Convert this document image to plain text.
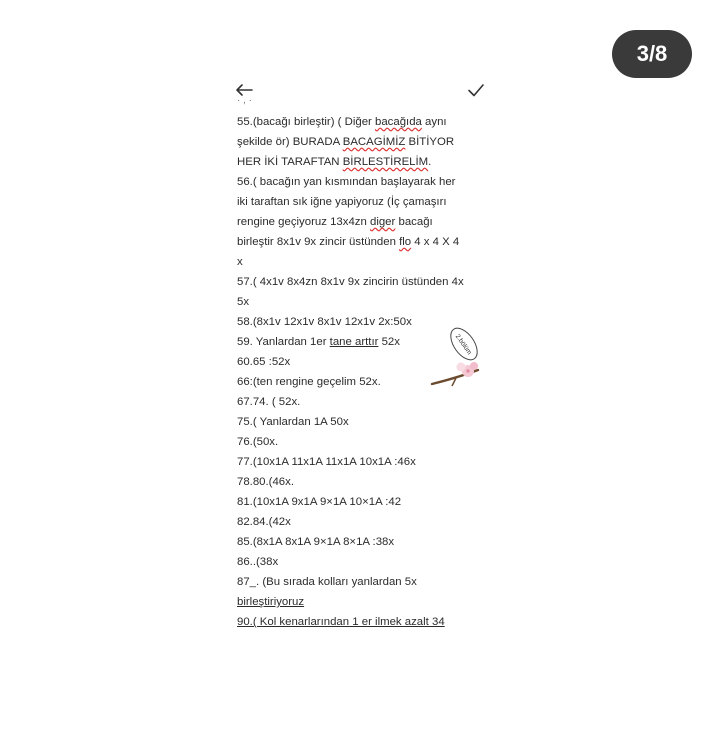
3/8
· , ·
55.(bacağı birleştir) ( Diğer bacağıda aynı
şekilde ör) BURADA BACAGİMİZ BİTİYOR
HER İKİ TARAFTAN BİRLESTİRELİM.
56.( bacağın yan kısmından başlayarak her
iki taraftan sık iğne yapiyoruz (İç çamaşırı
rengine geçiyoruz 13x4zn diger bacağı
birleştir 8x1v 9x zincir üstünden flo 4 x 4 X 4
x
57.( 4x1v 8x4zn 8x1v 9x zincirin üstünden 4x
5x
58.(8x1v 12x1v 8x1v 12x1v 2x:50x
59. Yanlardan 1er tane arttır 52x
60.65 :52x
66:(ten rengine geçelim 52x.
67.74. ( 52x.
75.( Yanlardan 1A 50x
76.(50x.
77.(10x1A 11x1A 11x1A 10x1A :46x
78.80.(46x.
81.(10x1A 9x1A 9×1A 10×1A :42
82.84.(42x
85.(8x1A 8x1A 9×1A 8×1A :38x
86..(38x
87_. (Bu sırada kolları yanlardan 5x
birleştiriyoruz
90.( Kol kenarlarından 1 er ilmek azalt 34
2.bölüm
